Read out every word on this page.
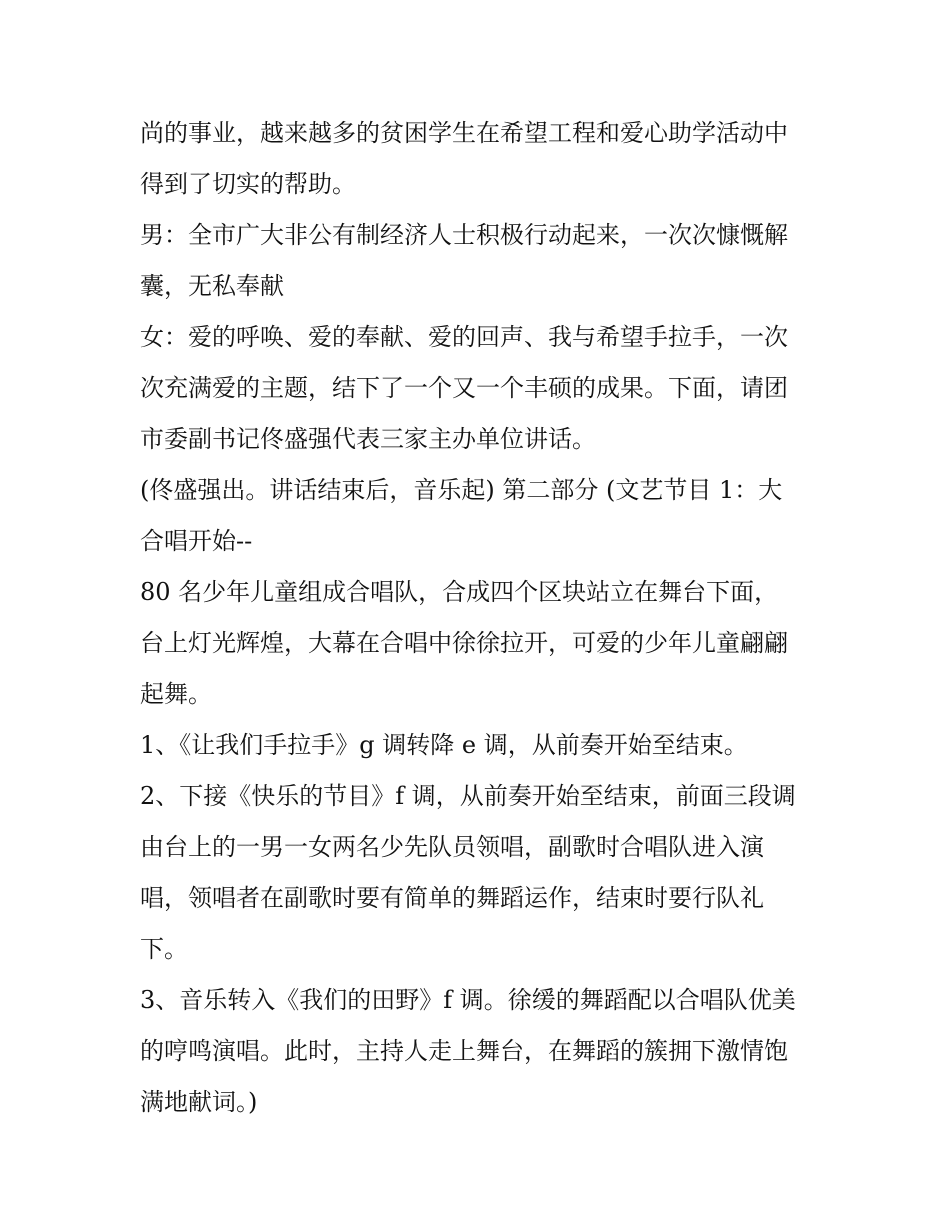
尚的事业，越来越多的贫困学生在希望工程和爱心助学活动中
得到了切实的帮助。
男：全市广大非公有制经济人士积极行动起来，一次次慷慨解
囊，无私奉献
女：爱的呼唤、爱的奉献、爱的回声、我与希望手拉手，一次
次充满爱的主题，结下了一个又一个丰硕的成果。下面，请团
市委副书记佟盛强代表三家主办单位讲话。
(佟盛强出。讲话结束后，音乐起) 第二部分 (文艺节目 1：大
合唱开始--
80 名少年儿童组成合唱队，合成四个区块站立在舞台下面，
台上灯光辉煌，大幕在合唱中徐徐拉开，可爱的少年儿童翩翩
起舞。
1、《让我们手拉手》g 调转降 e 调，从前奏开始至结束。
2、下接《快乐的节目》f 调，从前奏开始至结束，前面三段调
由台上的一男一女两名少先队员领唱，副歌时合唱队进入演
唱，领唱者在副歌时要有简单的舞蹈运作，结束时要行队礼
下。
3、音乐转入《我们的田野》f 调。徐缓的舞蹈配以合唱队优美
的哼鸣演唱。此时，主持人走上舞台，在舞蹈的簇拥下激情饱
满地献词。)
